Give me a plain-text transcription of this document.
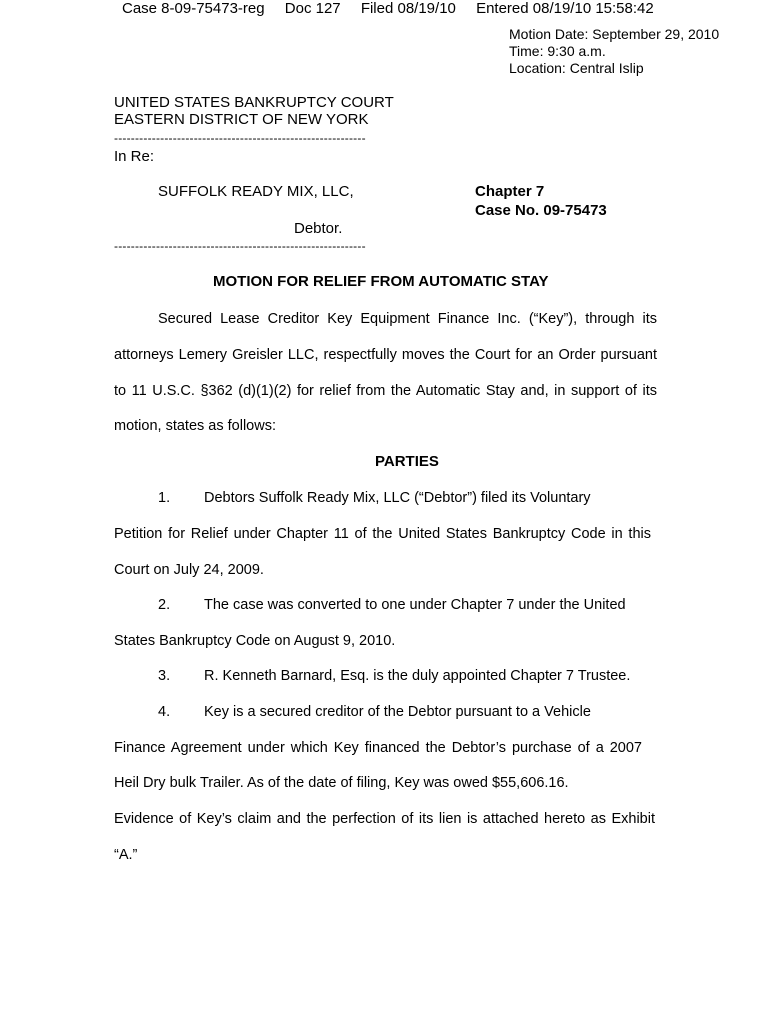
Case 8-09-75473-reg Doc 127 Filed 08/19/10 Entered 08/19/10 15:58:42
Motion Date: September 29, 2010
Time: 9:30 a.m.
Location: Central Islip
UNITED STATES BANKRUPTCY COURT
EASTERN DISTRICT OF NEW YORK
------------------------------------------------------------
In Re:
SUFFOLK READY MIX, LLC,	Chapter 7
Case No. 09-75473
Debtor.
------------------------------------------------------------
MOTION FOR RELIEF FROM AUTOMATIC STAY
Secured Lease Creditor Key Equipment Finance Inc. (“Key”), through its
attorneys Lemery Greisler LLC, respectfully moves the Court for an Order pursuant
to 11 U.S.C. §362 (d)(1)(2) for relief from the Automatic Stay and, in support of its
motion, states as follows:
PARTIES
1.	Debtors Suffolk Ready Mix, LLC (“Debtor”) filed its Voluntary
Petition for Relief under Chapter 11 of the United States Bankruptcy Code in this
Court on July 24, 2009.
2.	The case was converted to one under Chapter 7 under the United
States Bankruptcy Code on August 9, 2010.
3.	R. Kenneth Barnard, Esq. is the duly appointed Chapter 7 Trustee.
4.	Key is a secured creditor of the Debtor pursuant to a Vehicle
Finance Agreement under which Key financed the Debtor’s purchase of a 2007
Heil Dry bulk Trailer. As of the date of filing, Key was owed $55,606.16.
Evidence of Key’s claim and the perfection of its lien is attached hereto as Exhibit
“A.”
